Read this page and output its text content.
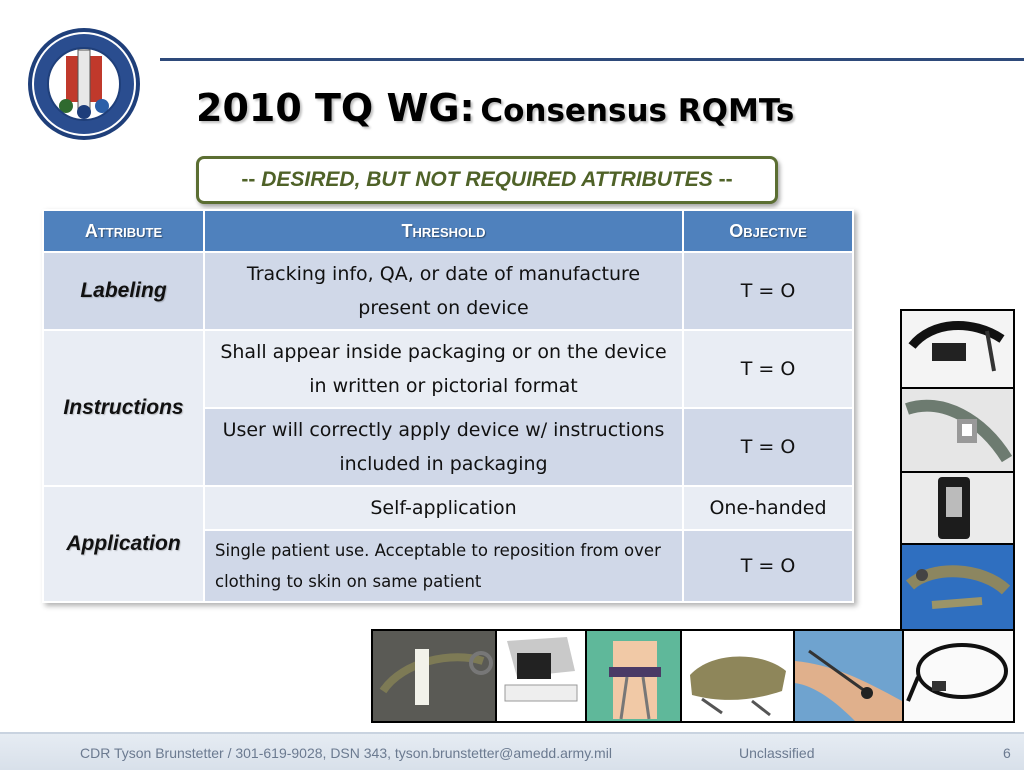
2010 TQ WG: Consensus RQMTs
--
DESIRED, BUT NOT REQUIRED ATTRIBUTES
--
Attribute	Threshold	Objective
Labeling	Tracking info, QA, or date of manufacture present on device	T = O
Instructions	Shall appear inside packaging or on the device in written or pictorial format	T = O
	User will correctly apply device w/ instructions included in packaging	T = O
Application	Self-application	One-handed
	Single patient use. Acceptable to reposition from over clothing to skin on same patient	T = O
CDR Tyson Brunstetter / 301-619-9028, DSN 343, tyson.brunstetter@amedd.army.mil	Unclassified	6
